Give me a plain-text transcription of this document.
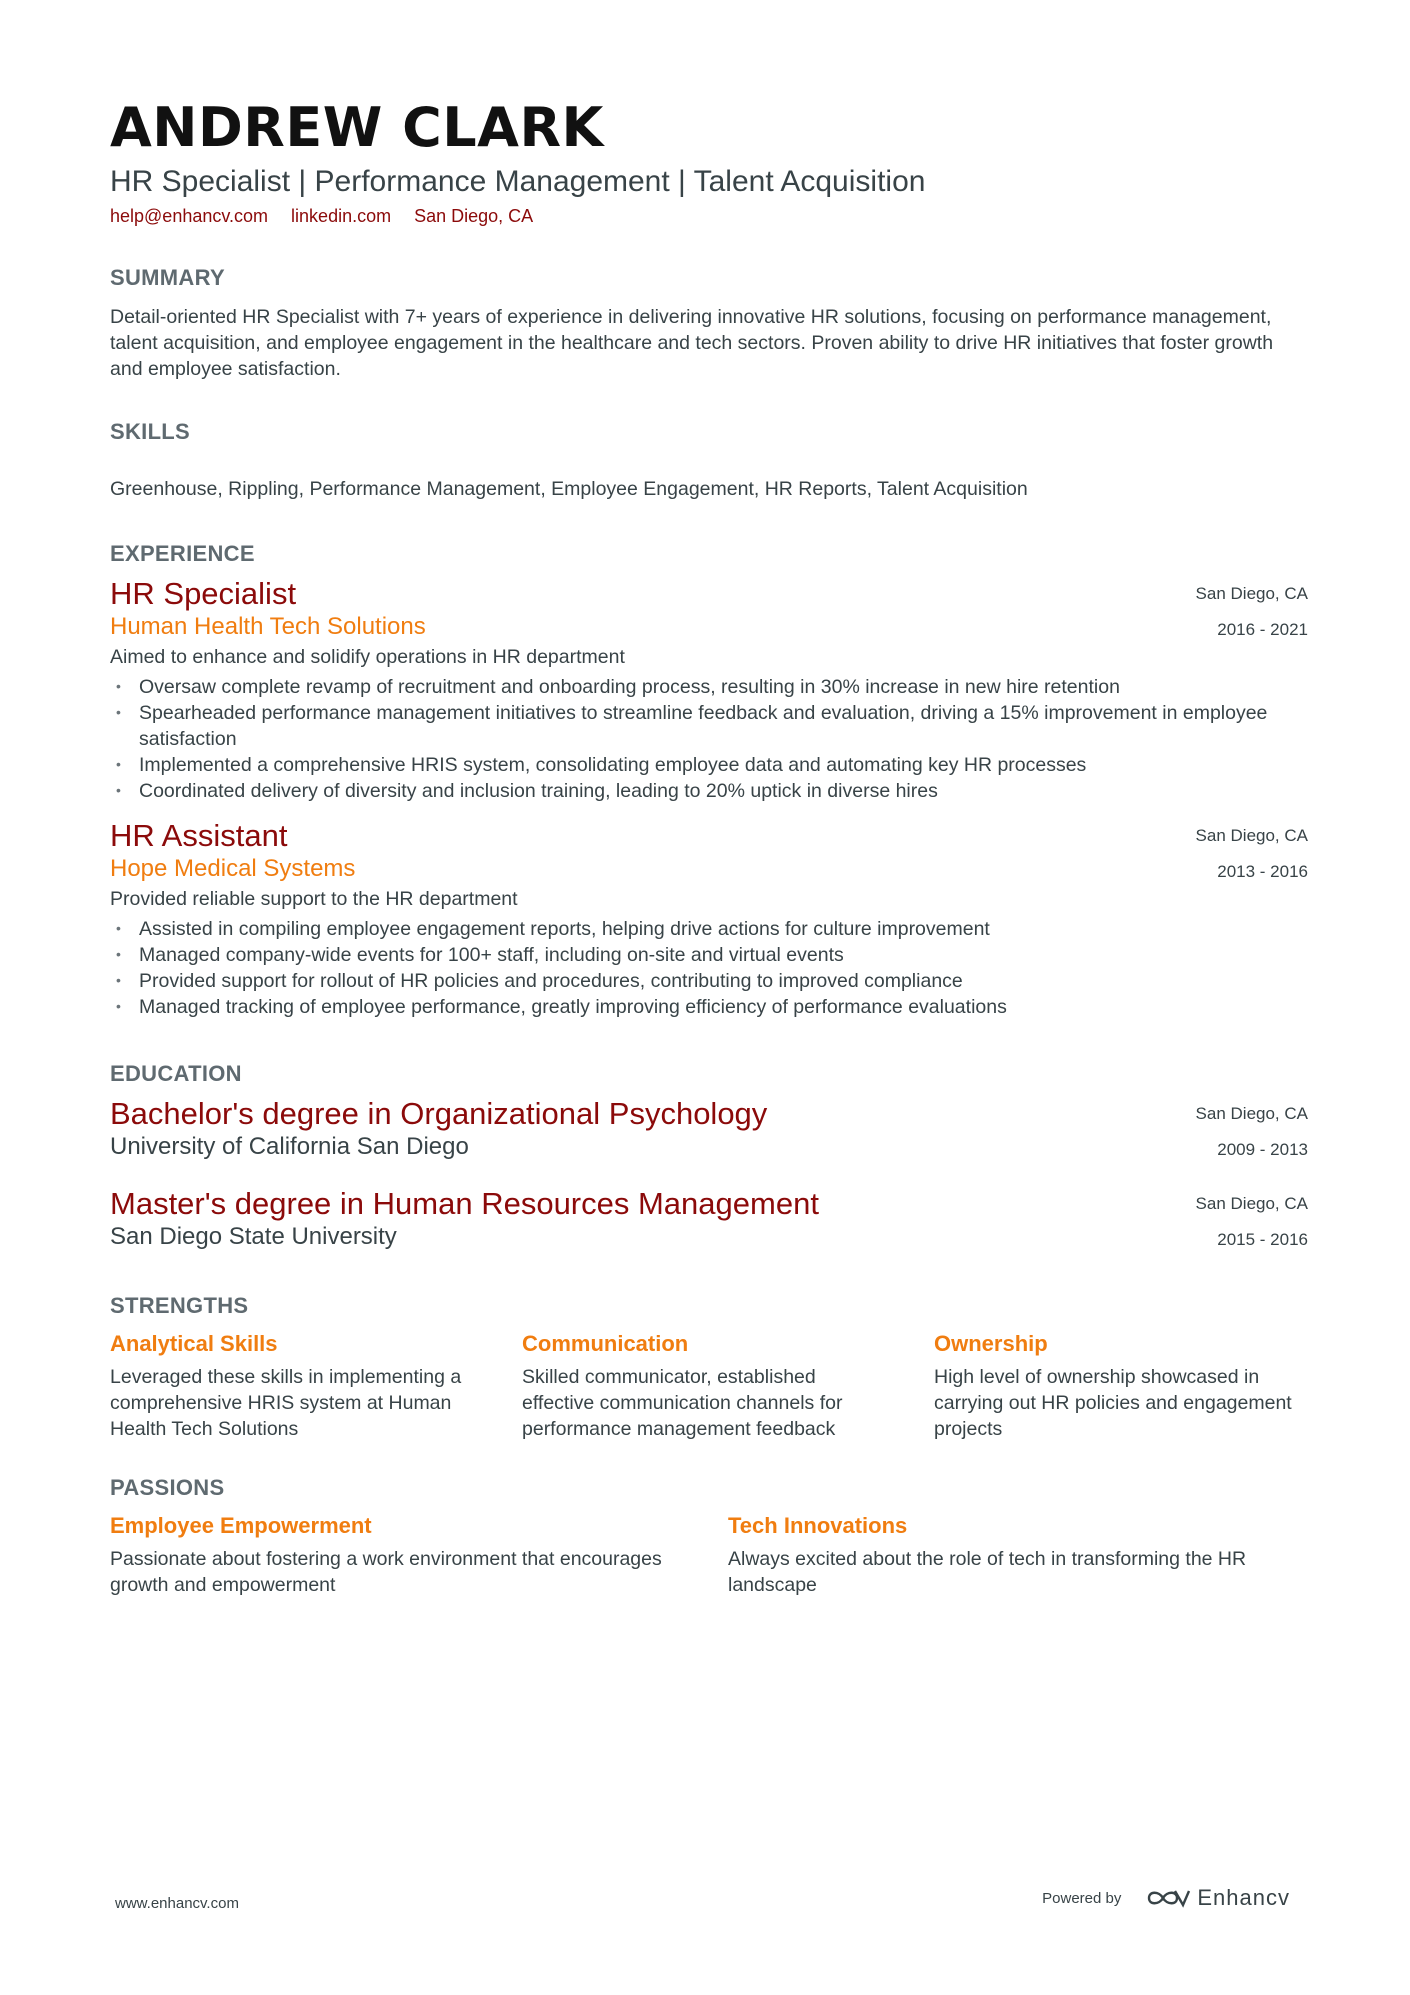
ANDREW CLARK
HR Specialist | Performance Management | Talent Acquisition
help@enhancv.com linkedin.com San Diego, CA
SUMMARY
Detail-oriented HR Specialist with 7+ years of experience in delivering innovative HR solutions, focusing on performance management, talent acquisition, and employee engagement in the healthcare and tech sectors. Proven ability to drive HR initiatives that foster growth and employee satisfaction.
SKILLS
Greenhouse, Rippling, Performance Management, Employee Engagement, HR Reports, Talent Acquisition
EXPERIENCE
HR Specialist
Human Health Tech Solutions
Aimed to enhance and solidify operations in HR department
San Diego, CA
2016 - 2021
• Oversaw complete revamp of recruitment and onboarding process, resulting in 30% increase in new hire retention
• Spearheaded performance management initiatives to streamline feedback and evaluation, driving a 15% improvement in employee satisfaction
• Implemented a comprehensive HRIS system, consolidating employee data and automating key HR processes
• Coordinated delivery of diversity and inclusion training, leading to 20% uptick in diverse hires
HR Assistant
Hope Medical Systems
Provided reliable support to the HR department
San Diego, CA
2013 - 2016
• Assisted in compiling employee engagement reports, helping drive actions for culture improvement
• Managed company-wide events for 100+ staff, including on-site and virtual events
• Provided support for rollout of HR policies and procedures, contributing to improved compliance
• Managed tracking of employee performance, greatly improving efficiency of performance evaluations
EDUCATION
Bachelor's degree in Organizational Psychology
University of California San Diego
San Diego, CA
2009 - 2013
Master's degree in Human Resources Management
San Diego State University
San Diego, CA
2015 - 2016
STRENGTHS
Analytical Skills

Leveraged these skills in implementing a comprehensive HRIS system at Human Health Tech Solutions

Communication

Skilled communicator, established effective communication channels for performance management feedback

Ownership

High level of ownership showcased in carrying out HR policies and engagement projects

PASSIONS
Employee Empowerment

Passionate about fostering a work environment that encourages growth and empowerment

Tech Innovations

Always excited about the role of tech in transforming the HR landscape

www.enhancv.com	Powered by	Enhancv
